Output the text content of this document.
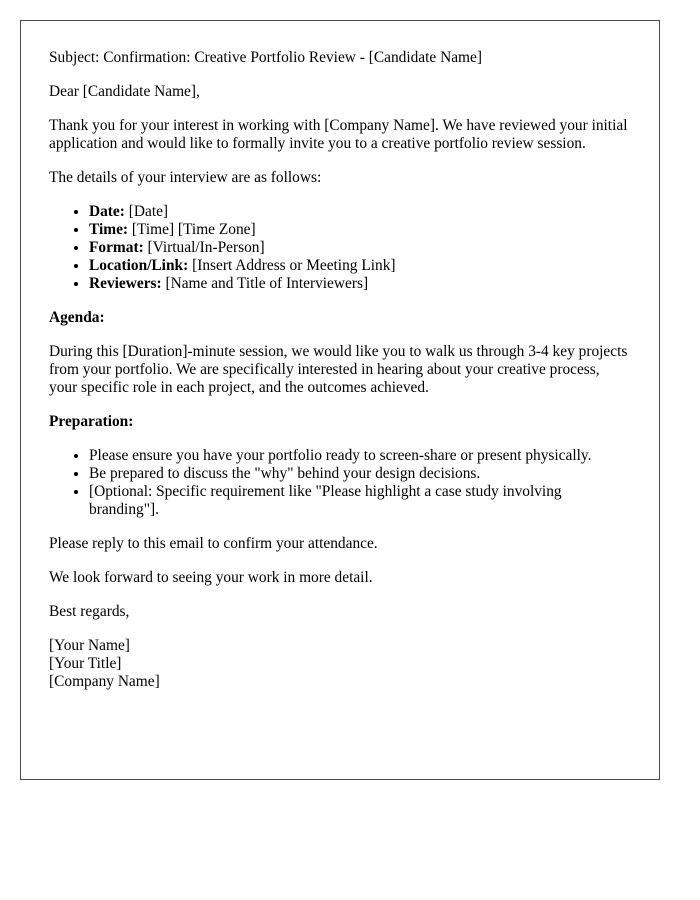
Subject: Confirmation: Creative Portfolio Review - [Candidate Name]

Dear [Candidate Name],

Thank you for your interest in working with [Company Name]. We have reviewed your initial application and would like to formally invite you to a creative portfolio review session.

The details of your interview are as follows:

• Date: [Date]
• Time: [Time] [Time Zone]
• Format: [Virtual/In-Person]
• Location/Link: [Insert Address or Meeting Link]
• Reviewers: [Name and Title of Interviewers]

Agenda:

During this [Duration]-minute session, we would like you to walk us through 3-4 key projects from your portfolio. We are specifically interested in hearing about your creative process, your specific role in each project, and the outcomes achieved.

Preparation:

• Please ensure you have your portfolio ready to screen-share or present physically.
• Be prepared to discuss the "why" behind your design decisions.
• [Optional: Specific requirement like "Please highlight a case study involving branding"].

Please reply to this email to confirm your attendance.

We look forward to seeing your work in more detail.

Best regards,

[Your Name]

[Your Title]

[Company Name]
